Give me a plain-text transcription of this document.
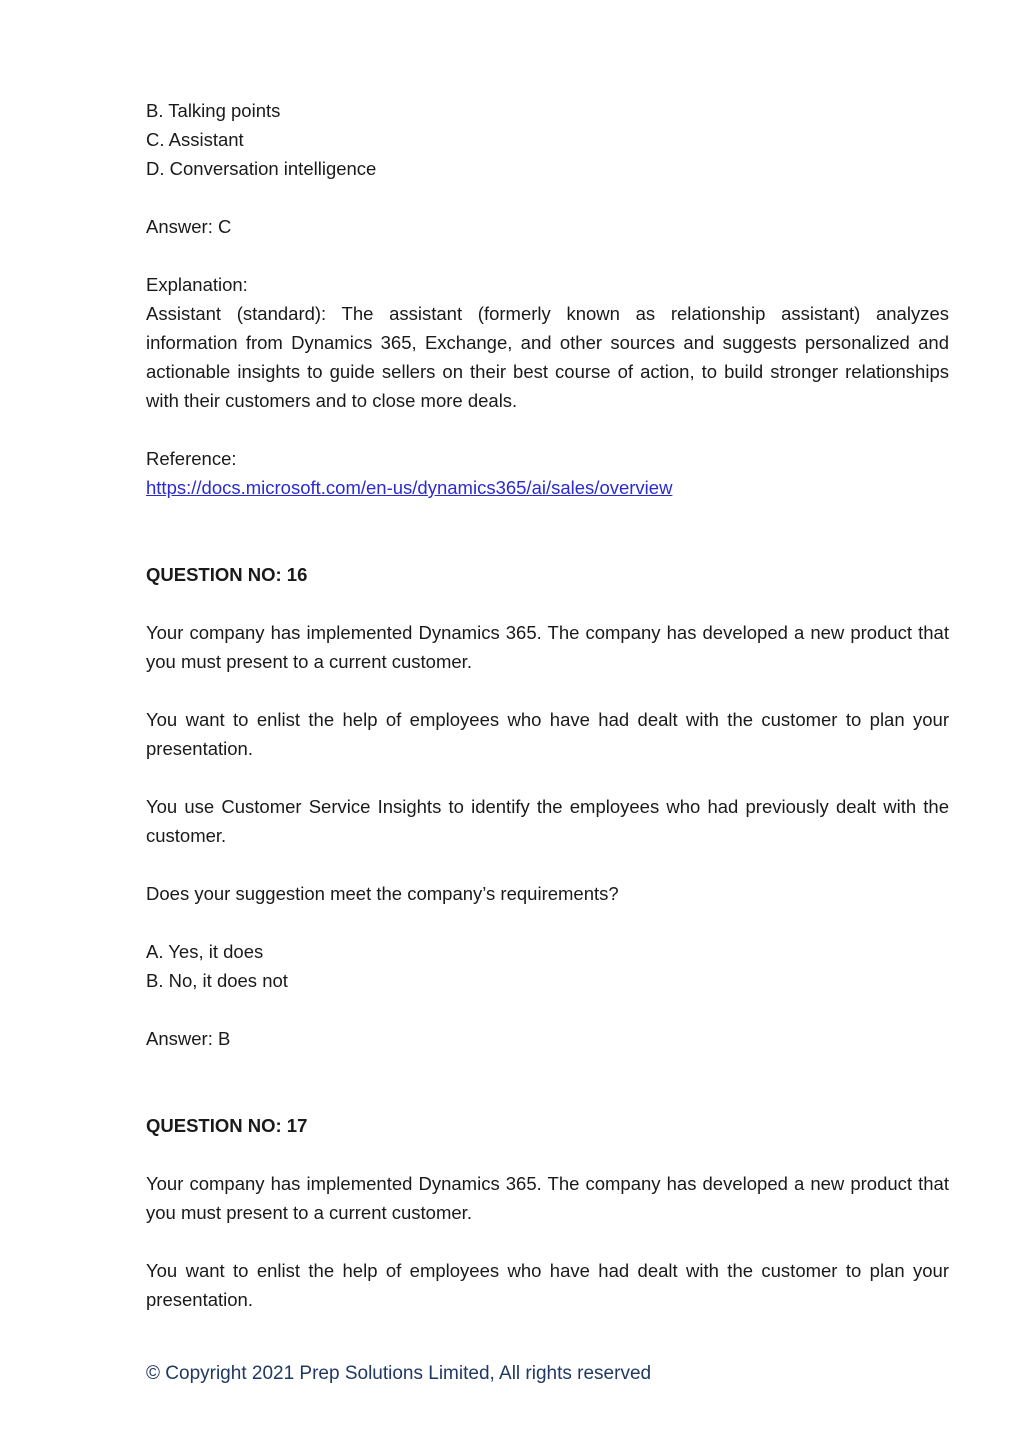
B. Talking points

C. Assistant

D. Conversation intelligence

Answer: C

Explanation:

Assistant (standard): The assistant (formerly known as relationship assistant) analyzes information from Dynamics 365, Exchange, and other sources and suggests personalized and actionable insights to guide sellers on their best course of action, to build stronger relationships with their customers and to close more deals.

Reference:

https://docs.microsoft.com/en-us/dynamics365/ai/sales/overview

QUESTION NO: 16

Your company has implemented Dynamics 365. The company has developed a new product that you must present to a current customer.

You want to enlist the help of employees who have had dealt with the customer to plan your presentation.

You use Customer Service Insights to identify the employees who had previously dealt with the customer.

Does your suggestion meet the company’s requirements?

A. Yes, it does

B. No, it does not

Answer: B

QUESTION NO: 17

Your company has implemented Dynamics 365. The company has developed a new product that you must present to a current customer.

You want to enlist the help of employees who have had dealt with the customer to plan your presentation.

© Copyright 2021 Prep Solutions Limited, All rights reserved
